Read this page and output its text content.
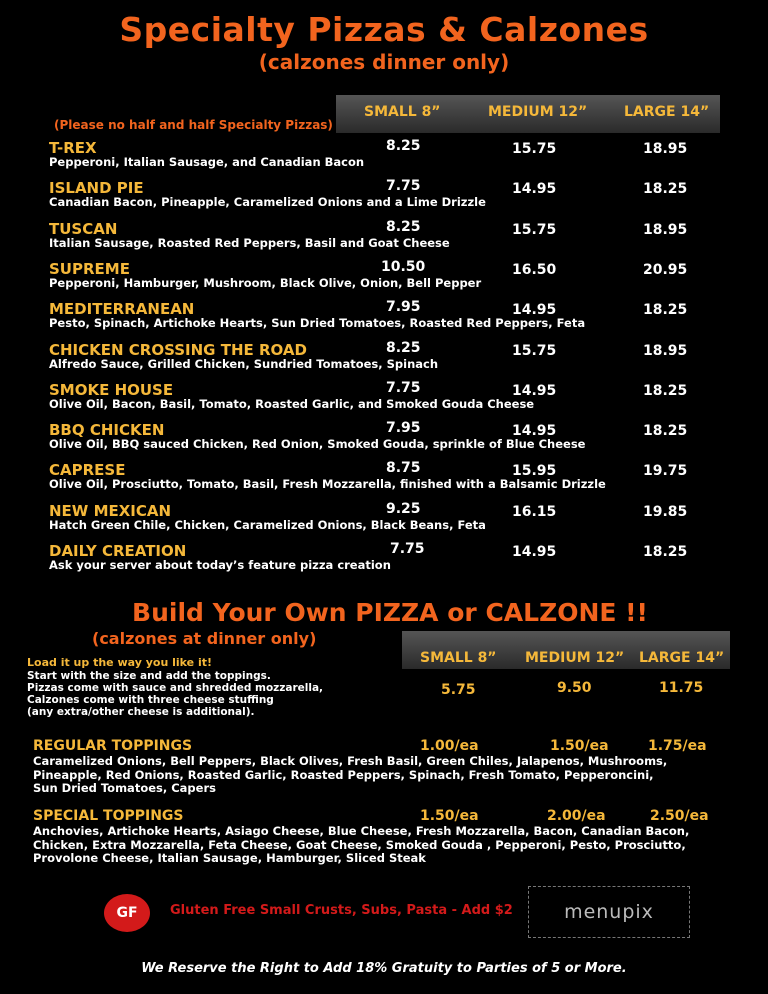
Specialty Pizzas & Calzones
(calzones dinner only)
SMALL 8”	MEDIUM 12”	LARGE 14”
(Please no half and half Specialty Pizzas)
T-REX
Pepperoni, Italian Sausage, and Canadian Bacon
8.25	15.75	18.95
ISLAND PIE
Canadian Bacon, Pineapple, Caramelized Onions and a Lime Drizzle
7.75	14.95	18.25
TUSCAN
Italian Sausage, Roasted Red Peppers, Basil and Goat Cheese
8.25	15.75	18.95
SUPREME
Pepperoni, Hamburger, Mushroom, Black Olive, Onion, Bell Pepper
10.50	16.50	20.95
MEDITERRANEAN
Pesto, Spinach, Artichoke Hearts, Sun Dried Tomatoes, Roasted Red Peppers, Feta
7.95	14.95	18.25
CHICKEN CROSSING THE ROAD
Alfredo Sauce, Grilled Chicken, Sundried Tomatoes, Spinach
8.25	15.75	18.95
SMOKE HOUSE
Olive Oil, Bacon, Basil, Tomato, Roasted Garlic, and Smoked Gouda Cheese
7.75	14.95	18.25
BBQ CHICKEN
Olive Oil, BBQ sauced Chicken, Red Onion, Smoked Gouda, sprinkle of Blue Cheese
7.95	14.95	18.25
CAPRESE
Olive Oil, Prosciutto, Tomato, Basil, Fresh Mozzarella, finished with a Balsamic Drizzle
8.75	15.95	19.75
NEW MEXICAN
Hatch Green Chile, Chicken, Caramelized Onions, Black Beans, Feta
9.25	16.15	19.85
DAILY CREATION
Ask your server about today’s feature pizza creation
7.75	14.95	18.25
Build Your Own PIZZA or CALZONE !!
(calzones at dinner only)
SMALL 8” MEDIUM 12” LARGE 14”
Load it up the way you like it!
Start with the size and add the toppings.
Pizzas come with sauce and shredded mozzarella,
Calzones come with three cheese stuffing
(any extra/other cheese is additional).
5.75	9.50	11.75
REGULAR TOPPINGS	1.00/ea	1.50/ea	1.75/ea
Caramelized Onions, Bell Peppers, Black Olives, Fresh Basil, Green Chiles, Jalapenos, Mushrooms,
Pineapple, Red Onions, Roasted Garlic, Roasted Peppers, Spinach, Fresh Tomato, Pepperoncini,
Sun Dried Tomatoes, Capers
SPECIAL TOPPINGS	1.50/ea	2.00/ea	2.50/ea
Anchovies, Artichoke Hearts, Asiago Cheese, Blue Cheese, Fresh Mozzarella, Bacon, Canadian Bacon,
Chicken, Extra Mozzarella, Feta Cheese, Goat Cheese, Smoked Gouda , Pepperoni, Pesto, Prosciutto,
Provolone Cheese, Italian Sausage, Hamburger, Sliced Steak
GF	Gluten Free Small Crusts, Subs, Pasta - Add $2	menupix
We Reserve the Right to Add 18% Gratuity to Parties of 5 or More.
